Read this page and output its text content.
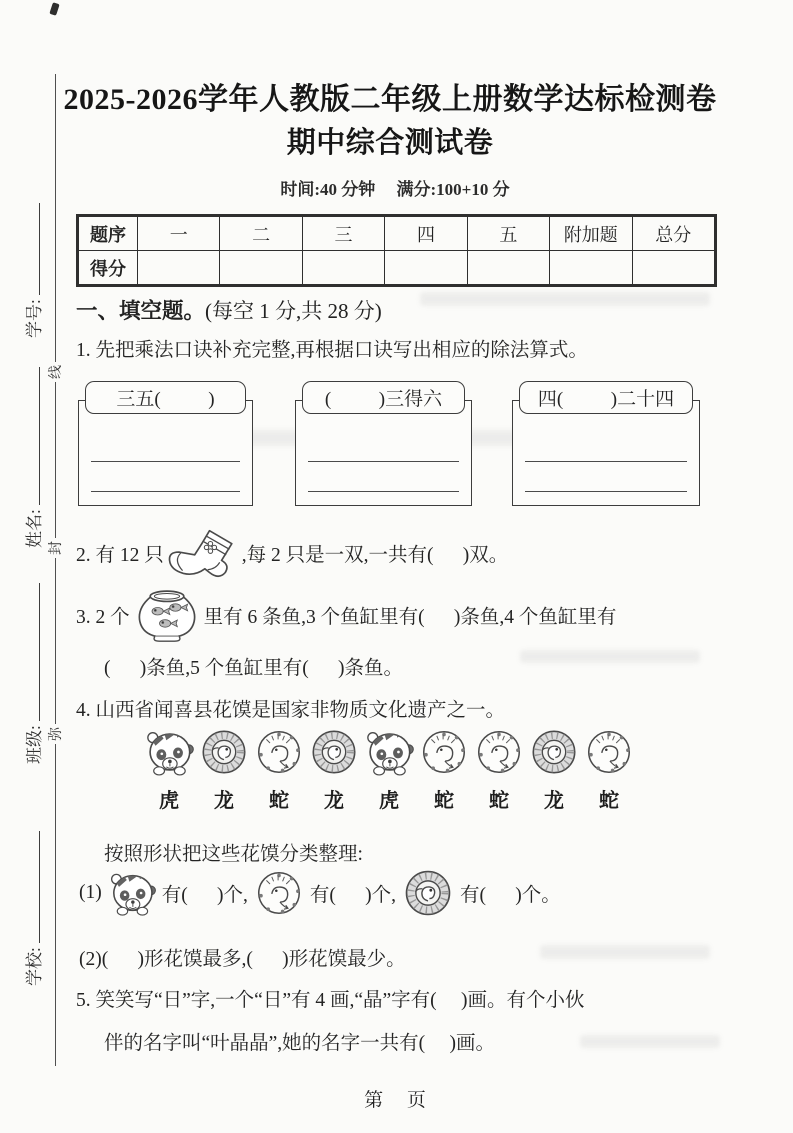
线
封
弥
学号:
姓名:
班级:
学校:
2025-2026学年人教版二年级上册数学达标检测卷
期中综合测试卷
时间:40 分钟　 满分:100+10 分
题序	一	二	三	四	五	附加题	总分
得分							
一、填空题。(每空 1 分,共 28 分)
1. 先把乘法口诀补充完整,再根据口诀写出相应的除法算式。
三五(          )	(          )三得六	四(          )二十四
2. 有 12 只	,每 2 只是一双,一共有(      )双。
3. 2 个	里有 6 条鱼,3 个鱼缸里有(      )条鱼,4 个鱼缸里有
(      )条鱼,5 个鱼缸里有(      )条鱼。
4. 山西省闻喜县花馍是国家非物质文化遗产之一。
虎 龙 蛇 龙 虎 蛇 蛇 龙 蛇
按照形状把这些花馍分类整理:
(1)	有(      )个,	有(      )个,	有(      )个。
(2)(      )形花馍最多,(      )形花馍最少。
5. 笑笑写“日”字,一个“日”有 4 画,“晶”字有(     )画。有个小伙
伴的名字叫“叶晶晶”,她的名字一共有(     )画。
第　 页
